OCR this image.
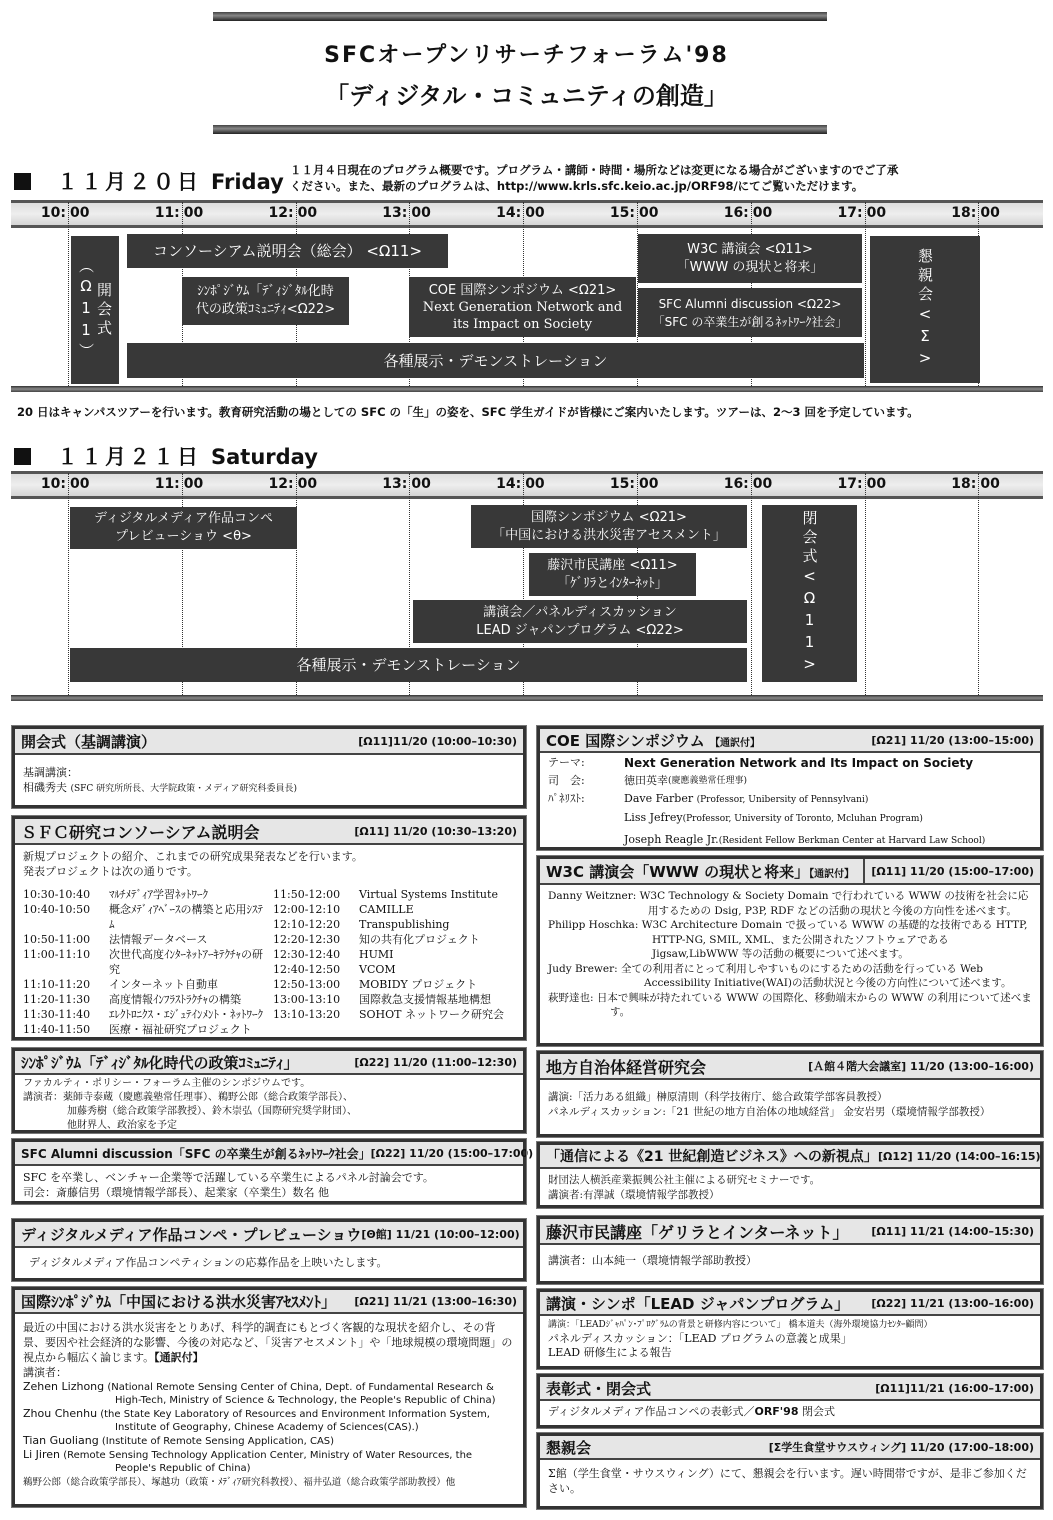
SFCオープンリサーチフォーラム'98
「ディジタル・コミュニティの創造」
１１月２０日 Friday １１月４日現在のプログラム概要です。プログラム・講師・時間・場所などは変更になる場合がございますのでご了承
ください。また、最新のプログラムは、http://www.krls.sfc.keio.ac.jp/ORF98/にてご覧いただけます。
10: 00	11: 00	12: 00	13: 00	14: 00	15: 00	16: 00	17: 00	18: 00
開会式（Ω11）
コンソーシアム説明会（総会） <Ω11>
ｼﾝﾎﾟｼﾞｳﾑ「ﾃﾞｨｼﾞﾀﾙ化時
代の政策ｺﾐｭﾆﾃｨ<Ω22>
COE 国際シンポジウム <Ω21>
Next Generation Network and
its Impact on Society
W3C 講演会 <Ω11>
「WWW の現状と将来」
SFC Alumni discussion <Ω22>
「SFC の卒業生が創るﾈｯﾄﾜｰｸ社会」
各種展示・デモンストレーション	懇親会<Σ>
20 日はキャンパスツアーを行います。教育研究活動の場としての SFC の「生」の姿を、SFC 学生ガイドが皆様にご案内いたします。ツアーは、2〜3 回を予定しています。
１１月２１日 Saturday
10: 00	11: 00	12: 00	13: 00	14: 00	15: 00	16: 00	17: 00	18: 00
ディジタルメディア作品コンペ
プレビューショウ <θ>
国際シンポジウム <Ω21>
「中国における洪水災害アセスメント」
藤沢市民講座 <Ω11>
「ｹﾞﾘﾗとｲﾝﾀｰﾈｯﾄ」
講演会／パネルディスカッション
LEAD ジャパンプログラム <Ω22>
各種展示・デモンストレーション	閉会式<Ω11>
開会式（基調講演）	[Ω11]11/20 (10:00–10:30)
基調講演：
相磯秀夫 (SFC 研究所所長、大学院政策・メディア研究科委員長)
ＳＦＣ研究コンソーシアム説明会	[Ω11] 11/20 (10:30–13:20)
新規プロジェクトの紹介、これまでの研究成果発表などを行います。
発表プロジェクトは次の通りです。
10:30-10:40	ﾏﾙﾁﾒﾃﾞｨｱ学習ﾈｯﾄﾜｰｸ
10:40-10:50	概念ﾒﾃﾞｨｱﾍﾞｰｽの構築と応用ｼｽﾃﾑ
10:50-11:00	法情報データベース
11:00-11:10	次世代高度ｲﾝﾀｰﾈｯﾄｱｰｷﾃｸﾁｬの研究
11:10-11:20	インターネット自動車
11:20-11:30	高度情報ｲﾝﾌﾗｽﾄﾗｸﾁｬの構築
11:30-11:40	ｴﾚｸﾄﾛﾆｸｽ・ｴｼﾞｭﾃｲﾝﾒﾝﾄ・ﾈｯﾄﾜｰｸ
11:40-11:50	医療・福祉研究プロジェクト
11:50-12:00	Virtual Systems Institute
12:00-12:10	CAMILLE
12:10-12:20	Transpublishing
12:20-12:30	知の共有化プロジェクト
12:30-12:40	HUMI
12:40-12:50	VCOM
12:50-13:00	MOBIDY プロジェクト
13:00-13:10	国際救急支援情報基地構想
13:10-13:20	SOHOT ネットワーク研究会
ｼﾝﾎﾟｼﾞｳﾑ「ﾃﾞｨｼﾞﾀﾙ化時代の政策ｺﾐｭﾆﾃｨ」	[Ω22] 11/20 (11:00–12:30)
ファカルティ・ポリシー・フォーラム主催のシンポジウムです。
講演者：薬師寺泰蔵（慶應義塾常任理事）、鵜野公郎（総合政策学部長）、
加藤秀樹（総合政策学部教授）、鈴木崇弘（国際研究奨学財団）、
他財界人、政治家を予定
SFC Alumni discussion「SFC の卒業生が創るﾈｯﾄﾜｰｸ社会」 [Ω22] 11/20 (15:00–17:00)
SFC を卒業し、ベンチャー企業等で活躍している卒業生によるパネル討論会です。
司会：斎藤信男（環境情報学部長）、起業家（卒業生）数名 他
ディジタルメディア作品コンペ・プレビューショウ [Θ館] 11/21 (10:00–12:00)
ディジタルメディア作品コンペティションの応募作品を上映いたします。
国際ｼﾝﾎﾟｼﾞｳﾑ「中国における洪水災害ｱｾｽﾒﾝﾄ」 [Ω21] 11/21 (13:00–16:30)
最近の中国における洪水災害をとりあげ、科学的調査にもとづく客観的な現状を紹介し、その背景、要因や社会経済的な影響、今後の対応など、「災害アセスメント」や「地球規模の環境問題」の視点から幅広く論じます。【通訳付】
講演者：
Zehen Lizhong (National Remote Sensing Center of China, Dept. of Fundamental Research & High-Tech, Ministry of Science & Technology, the People's Republic of China)
Zhou Chenhu (the State Key Laboratory of Resources and Environment Information System, Institute of Geography, Chinese Academy of Sciences(CAS).)
Tian Guoliang (Institute of Remote Sensing Application, CAS)
Li Jiren (Remote Sensing Technology Application Center, Ministry of Water Resources, the People's Republic of China)
鵜野公郎（総合政策学部長）、塚越功（政策・ﾒﾃﾞｨｱ研究科教授）、福井弘道（総合政策学部助教授）他
COE 国際シンポジウム 【通訳付】	[Ω21] 11/20 (13:00–15:00)
テーマ:	Next Generation Network and Its Impact on Society
司　会:	徳田英幸 (慶應義塾常任理事)
ﾊﾟﾈﾘｽﾄ:	Dave Farber (Professor, Unibersity of Pennsylvani)
Liss Jefrey(Professor, University of Toronto, Mcluhan Program)
Joseph Reagle Jr.(Resident Fellow Berkman Center at Harvard Law School)
W3C 講演会「WWW の現状と将来」【通訳付】	[Ω11] 11/20 (15:00–17:00)
Danny Weitzner: W3C Technology & Society Domain で行われている WWW の技術を社会に応用するための Dsig, P3P, RDF などの活動の現状と今後の方向性を述べます。
Philipp Hoschka: W3C Architecture Domain で扱っている WWW の基礎的な技術である HTTP, HTTP-NG, SMIL, XML、また公開されたソフトウェアである Jigsaw,LibWWW 等の活動の概要について述べます。
Judy Brewer: 全ての利用者にとって利用しやすいものにするための活動を行っている Web Accessibility Initiative(WAI)の活動状況と今後の方向性について述べます。
萩野達也: 日本で興味が持たれている WWW の国際化、移動端末からの WWW の利用について述べます。
地方自治体経営研究会	[Ａ館４階大会議室] 11/20 (13:00–16:00)
講演:「活力ある組織」榊原清則（科学技術庁、総合政策学部客員教授）
パネルディスカッション:「21 世紀の地方自治体の地域経営」 金安岩男（環境情報学部教授）
「通信による《21 世紀創造ビジネス》への新視点」 [Ω12] 11/20 (14:00–16:15)
財団法人横浜産業振興公社主催による研究セミナーです。
講演者:有澤誠（環境情報学部教授）
藤沢市民講座「ゲリラとインターネット」 [Ω11] 11/21 (14:00–15:30)
講演者：山本純一（環境情報学部助教授）
講演・シンポ「LEAD ジャパンプログラム」 [Ω22] 11/21 (13:00–16:00)
講演：「LEADｼﾞｬﾊﾟﾝ･ﾌﾟﾛｸﾞﾗﾑの背景と研修内容について」 橋本道夫（海外環境協力ｾﾝﾀｰ顧問）
パネルディスカッション：「LEAD プログラムの意義と成果」
LEAD 研修生による報告
表彰式・閉会式	[Ω11]11/21 (16:00–17:00)
ディジタルメディア作品コンペの表彰式／ORF'98 閉会式
懇親会	[Σ学生食堂サウスウィング] 11/20 (17:00–18:00)
Σ館（学生食堂・サウスウィング）にて、懇親会を行います。遅い時間帯ですが、是非ご参加ください。
